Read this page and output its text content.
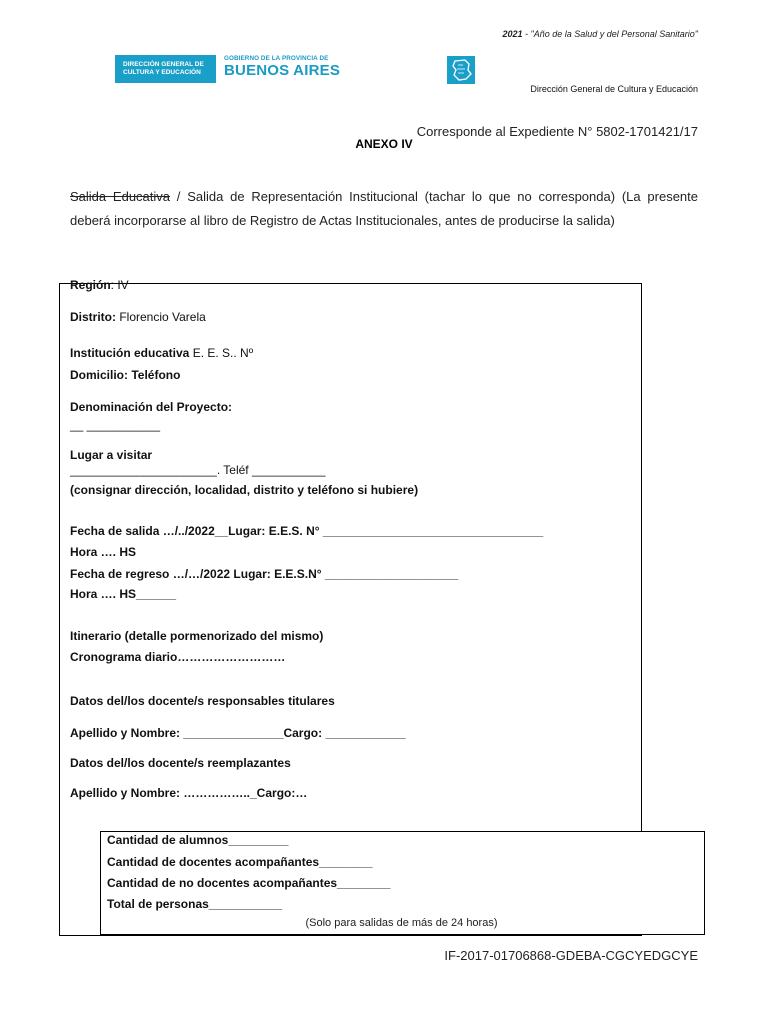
2021 - "Año de la Salud y del Personal Sanitario"
DIRECCIÓN GENERAL DE
CULTURA Y EDUCACIÓN
GOBIERNO DE LA PROVINCIA DE
BUENOS AIRES
Dirección General de Cultura y Educación
Corresponde al Expediente N° 5802-1701421/17
ANEXO IV
Salida Educativa / Salida de Representación Institucional (tachar lo que no corresponda) (La presente deberá incorporarse al libro de Registro de Actas Institucionales, antes de producirse la salida)
Región: IV
Distrito: Florencio Varela
Institución educativa E. E. S.. Nº
Domicilio: Teléfono
Denominación del Proyecto:
__ ___________
Lugar a visitar
______________________. Teléf ___________
(consignar dirección, localidad, distrito y teléfono si hubiere)
Fecha de salida …/../2022__Lugar: E.E.S. N° _________________________________
Hora …. HS
Fecha de regreso …/…/2022 Lugar: E.E.S.N° ____________________
Hora …. HS______
Itinerario (detalle pormenorizado del mismo)
Cronograma diario………………………
Datos del/los docente/s responsables titulares
Apellido y Nombre: _______________Cargo: ____________
Datos del/los docente/s reemplazantes
Apellido y Nombre: …………….._Cargo:…
Cantidad de alumnos_________
Cantidad de docentes acompañantes________
Cantidad de no docentes acompañantes________
Total de personas___________
(Solo para salidas de más de 24 horas)
IF-2017-01706868-GDEBA-CGCYEDGCYE
